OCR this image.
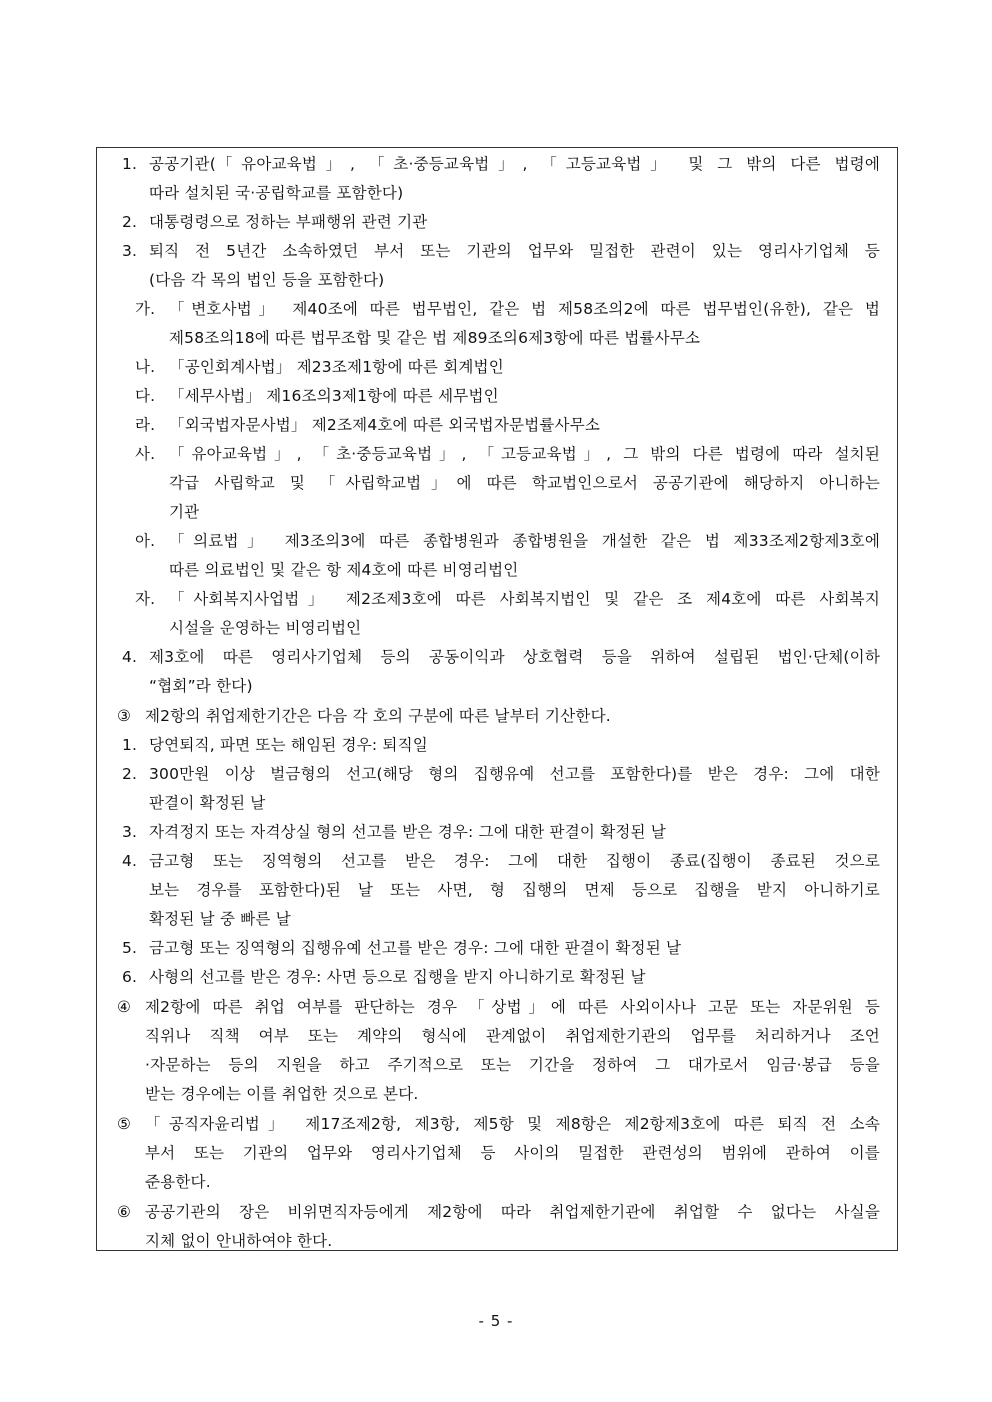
1. 공공기관(「유아교육법」, 「초·중등교육법」, 「고등교육법」 및 그 밖의 다른 법령에
따라 설치된 국·공립학교를 포함한다)
2. 대통령령으로 정하는 부패행위 관련 기관
3. 퇴직 전 5년간 소속하였던 부서 또는 기관의 업무와 밀접한 관련이 있는 영리사기업체 등
(다음 각 목의 법인 등을 포함한다)
가. 「변호사법」 제40조에 따른 법무법인, 같은 법 제58조의2에 따른 법무법인(유한), 같은 법
제58조의18에 따른 법무조합 및 같은 법 제89조의6제3항에 따른 법률사무소
나. 「공인회계사법」 제23조제1항에 따른 회계법인
다. 「세무사법」 제16조의3제1항에 따른 세무법인
라. 「외국법자문사법」 제2조제4호에 따른 외국법자문법률사무소
사. 「유아교육법」, 「초·중등교육법」, 「고등교육법」, 그 밖의 다른 법령에 따라 설치된
각급 사립학교 및 「사립학교법」에 따른 학교법인으로서 공공기관에 해당하지 아니하는
기관
아. 「의료법」 제3조의3에 따른 종합병원과 종합병원을 개설한 같은 법 제33조제2항제3호에
따른 의료법인 및 같은 항 제4호에 따른 비영리법인
자. 「사회복지사업법」 제2조제3호에 따른 사회복지법인 및 같은 조 제4호에 따른 사회복지
시설을 운영하는 비영리법인
4. 제3호에 따른 영리사기업체 등의 공동이익과 상호협력 등을 위하여 설립된 법인·단체(이하
“협회”라 한다)
③ 제2항의 취업제한기간은 다음 각 호의 구분에 따른 날부터 기산한다.
1. 당연퇴직, 파면 또는 해임된 경우: 퇴직일
2. 300만원 이상 벌금형의 선고(해당 형의 집행유예 선고를 포함한다)를 받은 경우: 그에 대한
판결이 확정된 날
3. 자격정지 또는 자격상실 형의 선고를 받은 경우: 그에 대한 판결이 확정된 날
4. 금고형 또는 징역형의 선고를 받은 경우: 그에 대한 집행이 종료(집행이 종료된 것으로
보는 경우를 포함한다)된 날 또는 사면, 형 집행의 면제 등으로 집행을 받지 아니하기로
확정된 날 중 빠른 날
5. 금고형 또는 징역형의 집행유예 선고를 받은 경우: 그에 대한 판결이 확정된 날
6. 사형의 선고를 받은 경우: 사면 등으로 집행을 받지 아니하기로 확정된 날
④ 제2항에 따른 취업 여부를 판단하는 경우 「상법」에 따른 사외이사나 고문 또는 자문위원 등
직위나 직책 여부 또는 계약의 형식에 관계없이 취업제한기관의 업무를 처리하거나 조언
·자문하는 등의 지원을 하고 주기적으로 또는 기간을 정하여 그 대가로서 임금·봉급 등을
받는 경우에는 이를 취업한 것으로 본다.
⑤ 「공직자윤리법」 제17조제2항, 제3항, 제5항 및 제8항은 제2항제3호에 따른 퇴직 전 소속
부서 또는 기관의 업무와 영리사기업체 등 사이의 밀접한 관련성의 범위에 관하여 이를
준용한다.
⑥ 공공기관의 장은 비위면직자등에게 제2항에 따라 취업제한기관에 취업할 수 없다는 사실을
지체 없이 안내하여야 한다.
- 5 -
